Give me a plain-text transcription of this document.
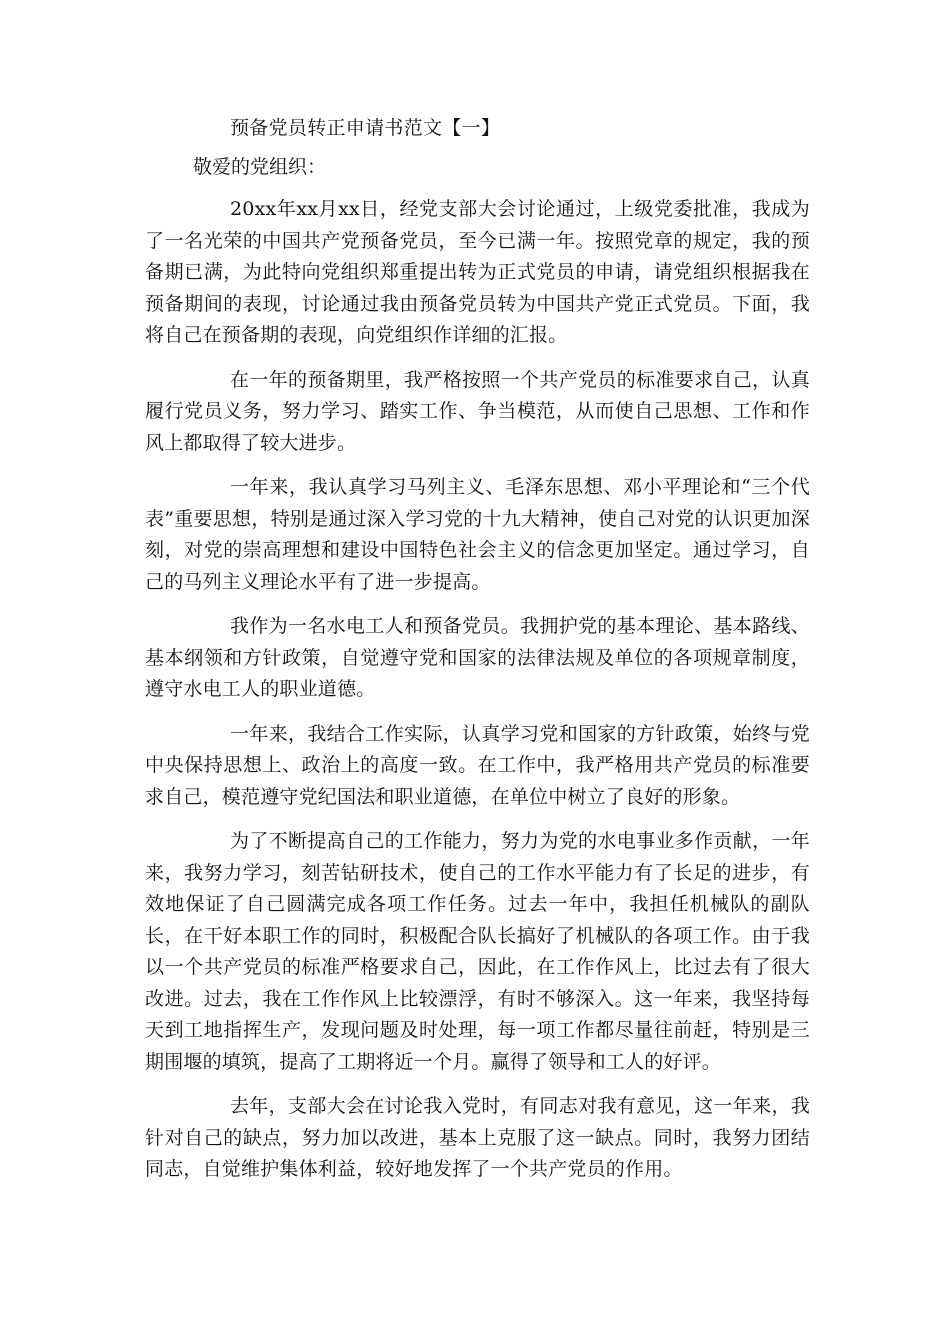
预备党员转正申请书范文【一】
敬爱的党组织：

20xx年xx月xx日，经党支部大会讨论通过，上级党委批准，我成为了一名光荣的中国共产党预备党员，至今已满一年。按照党章的规定，我的预备期已满，为此特向党组织郑重提出转为正式党员的申请，请党组织根据我在预备期间的表现，讨论通过我由预备党员转为中国共产党正式党员。下面，我将自己在预备期的表现，向党组织作详细的汇报。

在一年的预备期里，我严格按照一个共产党员的标准要求自己，认真履行党员义务，努力学习、踏实工作、争当模范，从而使自己思想、工作和作风上都取得了较大进步。

一年来，我认真学习马列主义、毛泽东思想、邓小平理论和“三个代表”重要思想，特别是通过深入学习党的十九大精神，使自己对党的认识更加深刻，对党的崇高理想和建设中国特色社会主义的信念更加坚定。通过学习，自己的马列主义理论水平有了进一步提高。

我作为一名水电工人和预备党员。我拥护党的基本理论、基本路线、基本纲领和方针政策，自觉遵守党和国家的法律法规及单位的各项规章制度，遵守水电工人的职业道德。

一年来，我结合工作实际，认真学习党和国家的方针政策，始终与党中央保持思想上、政治上的高度一致。在工作中，我严格用共产党员的标准要求自己，模范遵守党纪国法和职业道德，在单位中树立了良好的形象。

为了不断提高自己的工作能力，努力为党的水电事业多作贡献，一年来，我努力学习，刻苦钻研技术，使自己的工作水平能力有了长足的进步，有效地保证了自己圆满完成各项工作任务。过去一年中，我担任机械队的副队长，在干好本职工作的同时，积极配合队长搞好了机械队的各项工作。由于我以一个共产党员的标准严格要求自己，因此，在工作作风上，比过去有了很大改进。过去，我在工作作风上比较漂浮，有时不够深入。这一年来，我坚持每天到工地指挥生产，发现问题及时处理，每一项工作都尽量往前赶，特别是三期围堰的填筑，提高了工期将近一个月。赢得了领导和工人的好评。

去年，支部大会在讨论我入党时，有同志对我有意见，这一年来，我针对自己的缺点，努力加以改进，基本上克服了这一缺点。同时，我努力团结同志，自觉维护集体利益，较好地发挥了一个共产党员的作用。
